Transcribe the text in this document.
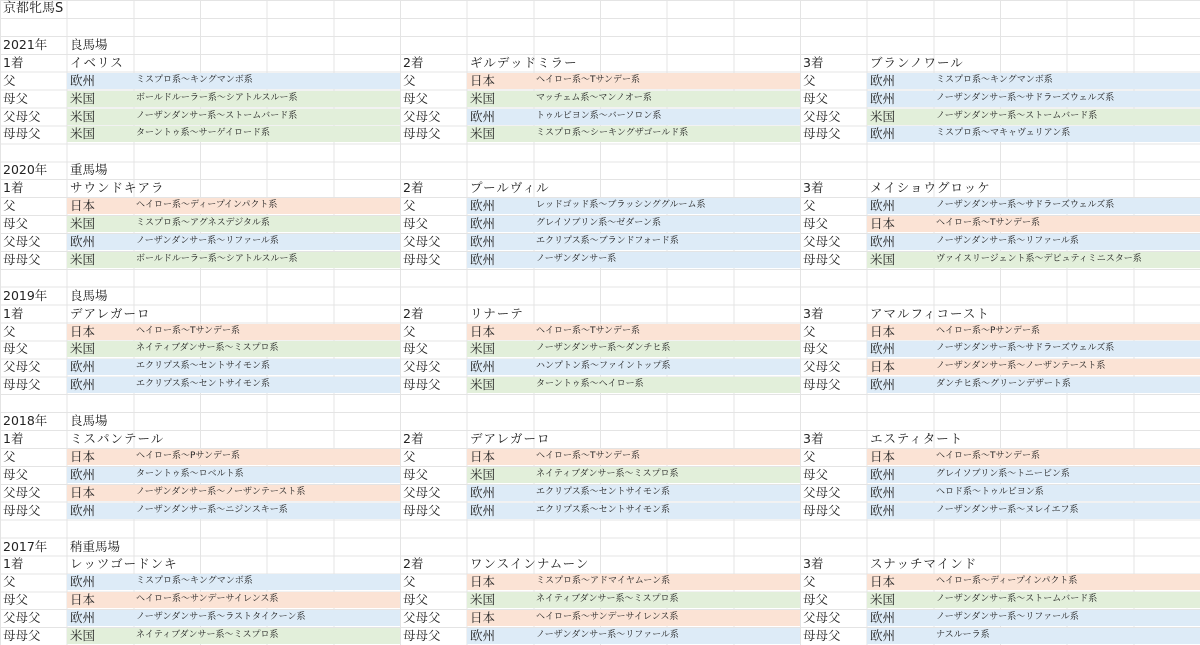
京都牝馬S
2021年	良馬場
1着	イベリス	2着	ギルデッドミラー	3着	ブランノワール
父	欧州	ミスプロ系～キングマンボ系	父	日本	ヘイロー系～Tサンデー系	父	欧州	ミスプロ系～キングマンボ系
母父	米国	ボールドルーラー系～シアトルスルー系	母父	米国	マッチェム系～マンノオー系	母父	欧州	ノーザンダンサー系～サドラーズウェルズ系
父母父	米国	ノーザンダンサー系～ストームバード系	父母父	欧州	トゥルビヨン系～バーソロン系	父母父	米国	ノーザンダンサー系～ストームバード系
母母父	米国	ターントゥ系～サーゲイロード系	母母父	米国	ミスプロ系～シーキングザゴールド系	母母父	欧州	ミスプロ系～マキャヴェリアン系
2020年	重馬場
1着	サウンドキアラ	2着	プールヴィル	3着	メイショウグロッケ
父	日本	ヘイロー系～ディープインパクト系	父	欧州	レッドゴッド系～ブラッシンググルーム系	父	欧州	ノーザンダンサー系～サドラーズウェルズ系
母父	米国	ミスプロ系～アグネスデジタル系	母父	欧州	グレイソブリン系～ゼダーン系	母父	日本	ヘイロー系～Tサンデー系
父母父	欧州	ノーザンダンサー系～リファール系	父母父	欧州	エクリプス系～ブランドフォード系	父母父	欧州	ノーザンダンサー系～リファール系
母母父	米国	ボールドルーラー系～シアトルスルー系	母母父	欧州	ノーザンダンサー系	母母父	米国	ヴァイスリージェント系～デピュティミニスター系
2019年	良馬場
1着	デアレガーロ	2着	リナーテ	3着	アマルフィコースト
父	日本	ヘイロー系～Tサンデー系	父	日本	ヘイロー系～Tサンデー系	父	日本	ヘイロー系～Pサンデー系
母父	米国	ネイティブダンサー系～ミスプロ系	母父	米国	ノーザンダンサー系～ダンチヒ系	母父	欧州	ノーザンダンサー系～サドラーズウェルズ系
父母父	欧州	エクリプス系～セントサイモン系	父母父	欧州	ハンプトン系～ファイントップ系	父母父	日本	ノーザンダンサー系～ノーザンテースト系
母母父	欧州	エクリプス系～セントサイモン系	母母父	米国	ターントゥ系～ヘイロー系	母母父	欧州	ダンチヒ系～グリーンデザート系
2018年	良馬場
1着	ミスパンテール	2着	デアレガーロ	3着	エスティタート
父	日本	ヘイロー系～Pサンデー系	父	日本	ヘイロー系～Tサンデー系	父	日本	ヘイロー系～Tサンデー系
母父	欧州	ターントゥ系～ロベルト系	母父	米国	ネイティブダンサー系～ミスプロ系	母父	欧州	グレイソブリン系～トニービン系
父母父	日本	ノーザンダンサー系～ノーザンテースト系	父母父	欧州	エクリプス系～セントサイモン系	父母父	欧州	ヘロド系～トゥルビヨン系
母母父	欧州	ノーザンダンサー系～ニジンスキー系	母母父	欧州	エクリプス系～セントサイモン系	母母父	欧州	ノーザンダンサー系～ヌレイエフ系
2017年	稍重馬場
1着	レッツゴードンキ	2着	ワンスインナムーン	3着	スナッチマインド
父	欧州	ミスプロ系～キングマンボ系	父	日本	ミスプロ系～アドマイヤムーン系	父	日本	ヘイロー系～ディープインパクト系
母父	日本	ヘイロー系～サンデーサイレンス系	母父	米国	ネイティブダンサー系～ミスプロ系	母父	米国	ノーザンダンサー系～ストームバード系
父母父	欧州	ノーザンダンサー系～ラストタイクーン系	父母父	日本	ヘイロー系～サンデーサイレンス系	父母父	欧州	ノーザンダンサー系～リファール系
母母父	米国	ネイティブダンサー系～ミスプロ系	母母父	欧州	ノーザンダンサー系～リファール系	母母父	欧州	ナスルーラ系
